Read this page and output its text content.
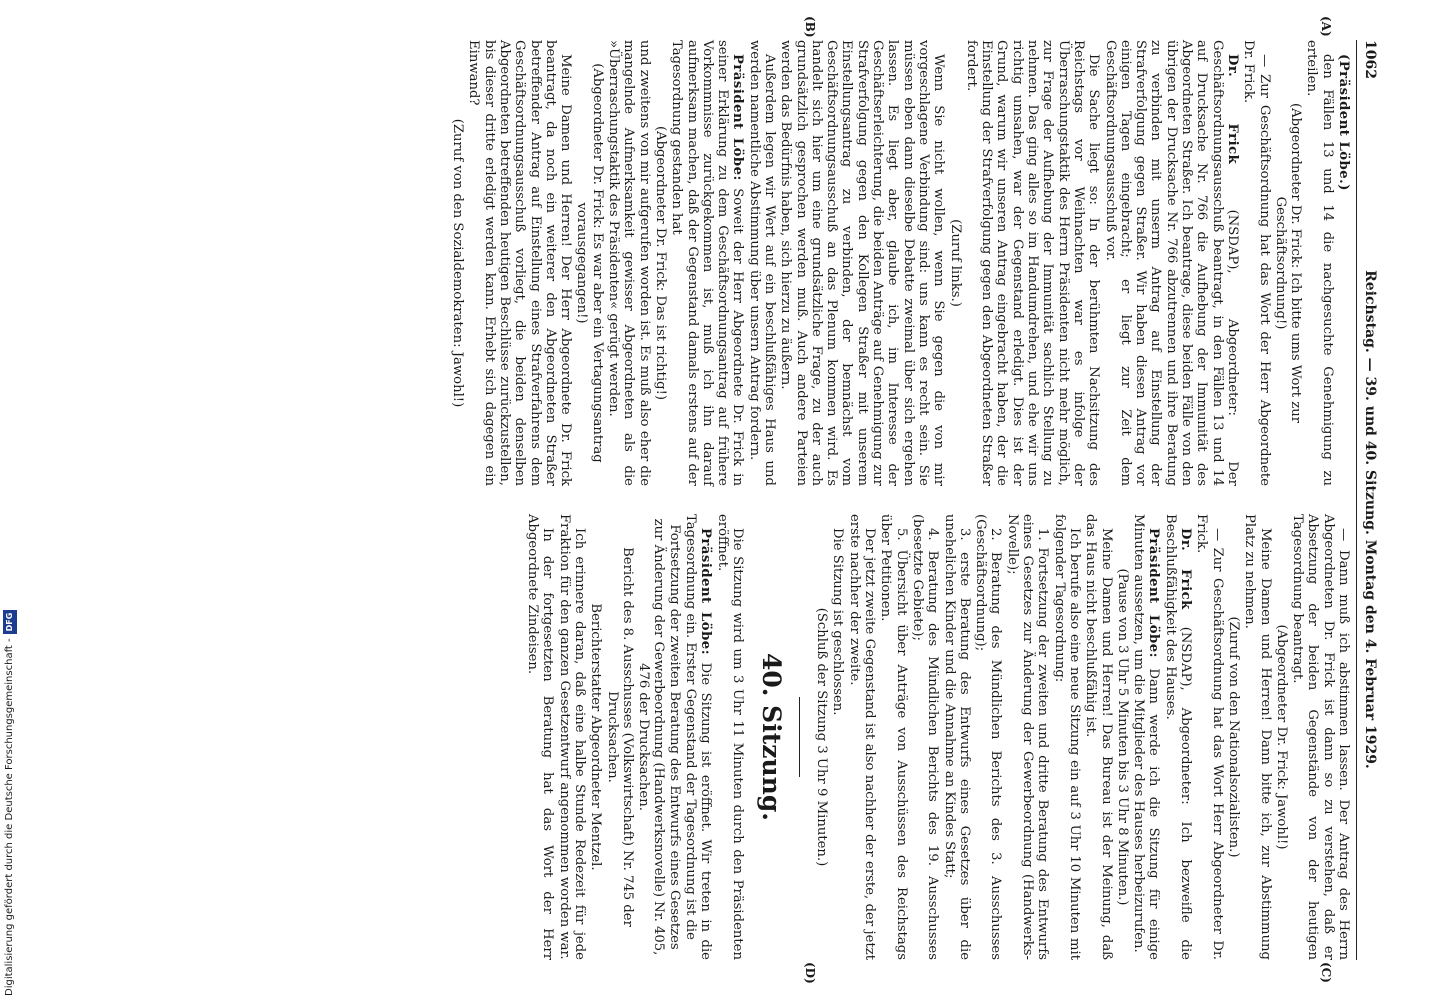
1062
Reichstag. — 39. und 40. Sitzung. Montag den 4. Februar 1929.
(A)
(B)
(C)
(D)

(Präsident Löbe.)

den Fällen 13 und 14 die nachgesuchte Genehmigung zu erteilen.

(Abgeordneter Dr. Frick: Ich bitte ums Wort zur Geschäftsordnung!)

— Zur Geschäftsordnung hat das Wort der Herr Abgeordnete Dr. Frick.

Dr. Frick (NSDAP), Abgeordneter: Der Geschäftsordnungsausschuß beantragt, in den Fällen 13 und 14 auf Drucksache Nr. 766 die Aufhebung der Immunität des Abgeordneten Straßer. Ich beantrage, diese beiden Fälle von den übrigen der Drucksache Nr. 766 abzutrennen und ihre Beratung zu verbinden mit unserm Antrag auf Einstellung der Strafverfolgung gegen Straßer. Wir haben diesen Antrag vor einigen Tagen eingebracht; er liegt zur Zeit dem Geschäftsordnungsausschuß vor.

Die Sache liegt so: In der berühmten Nachsitzung des Reichstags vor Weihnachten war es infolge der Überraschungstaktik des Herrn Präsidenten nicht mehr möglich, zur Frage der Aufhebung der Immunität sachlich Stellung zu nehmen. Das ging alles so im Handumdrehen, und ehe wir uns richtig umsahen, war der Gegenstand erledigt. Dies ist der Grund, warum wir unseren Antrag eingebracht haben, der die Einstellung der Strafverfolgung gegen den Abgeordneten Straßer fordert.

(Zuruf links.)

Wenn Sie nicht wollen, wenn Sie gegen die von mir vorgeschlagene Verbindung sind: uns kann es recht sein. Sie müssen eben dann dieselbe Debatte zweimal über sich ergehen lassen. Es liegt aber, glaube ich, im Interesse der Geschäftserleichterung, die beiden Anträge auf Genehmigung zur Strafverfolgung gegen den Kollegen Straßer mit unserem Einstellungsantrag zu verbinden, der bemnächst vom Geschäftsordnungsausschuß an das Plenum kommen wird. Es handelt sich hier um eine grundsätzliche Frage, zu der auch grundsätzlich gesprochen werden muß. Auch andere Parteien werden das Bedürfnis haben, sich hierzu zu äußern.

Außerdem legen wir Wert auf ein beschlußfähiges Haus und werden namentliche Abstimmung über unsern Antrag fordern.

Präsident Löbe: Soweit der Herr Abgeordnete Dr. Frick in seiner Erklärung zu dem Geschäftsordnungsantrag auf frühere Vorkommnisse zurückgekommen ist, muß ich ihn darauf aufmerksam machen, daß der Gegenstand damals erstens auf der Tagesordnung gestanden hat

(Abgeordneter Dr. Frick: Das ist richtig!)

und zweitens von mir aufgerufen worden ist. Es muß also eher die mangelnde Aufmerksamkeit gewisser Abgeordneten als die »Überraschungstaktik des Präsidenten« gerügt werden.

(Abgeordneter Dr. Frick: Es war aber ein Vertagungsantrag vorausgegangen!)

Meine Damen und Herren! Der Herr Abgeordnete Dr. Frick beantragt, da noch ein weiterer den Abgeordneten Straßer betreffender Antrag auf Einstellung eines Strafverfahrens dem Geschäftsordnungsausschuß vorliegt, die beiden denselben Abgeordneten betreffenden heutigen Beschlüsse zurückzustellen, bis dieser dritte erledigt werden kann. Erhebt sich dagegen ein Einwand?

(Zuruf von den Sozialdemokraten: Jawohl!)

— Dann muß ich abstimmen lassen. Der Antrag des Herrn Abgeordneten Dr. Frick ist dann so zu verstehen, daß er Absetzung der beiden Gegenstände von der heutigen Tagesordnung beantragt.

(Abgeordneter Dr. Frick: Jawohl!)

Meine Damen und Herren! Dann bitte ich, zur Abstimmung Platz zu nehmen.

(Zuruf von den Nationalsozialisten.)

— Zur Geschäftsordnung hat das Wort Herr Abgeordneter Dr. Frick.

Dr. Frick (NSDAP), Abgeordneter: Ich bezweifle die Beschlußfähigkeit des Hauses.

Präsident Löbe: Dann werde ich die Sitzung für einige Minuten aussetzen, um die Mitglieder des Hauses herbeizurufen.

(Pause von 3 Uhr 5 Minuten bis 3 Uhr 8 Minuten.)

Meine Damen und Herren! Das Bureau ist der Meinung, daß das Haus nicht beschlußfähig ist.

Ich berufe also eine neue Sitzung ein auf 3 Uhr 10 Minuten mit folgender Tagesordnung:

1. Fortsetzung der zweiten und dritte Beratung des Entwurfs eines Gesetzes zur Änderung der Gewerbeordnung (Handwerks-Novelle);

2. Beratung des Mündlichen Berichts des 3. Ausschusses (Geschäftsordnung);

3. erste Beratung des Entwurfs eines Gesetzes über die unehelichen Kinder und die Annahme an Kindes Statt;

4. Beratung des Mündlichen Berichts des 19. Ausschusses (besetzte Gebiete);

5. Übersicht über Anträge von Ausschüssen des Reichstags über Petitionen.

Der jetzt zweite Gegenstand ist also nachher der erste, der jetzt erste nachher der zweite.

Die Sitzung ist geschlossen.

(Schluß der Sitzung 3 Uhr 9 Minuten.)

40. Sitzung.

Die Sitzung wird um 3 Uhr 11 Minuten durch den Präsidenten eröffnet.

Präsident Löbe: Die Sitzung ist eröffnet. Wir treten in die Tagesordnung ein. Erster Gegenstand der Tagesordnung ist die

Fortsetzung der zweiten Beratung des Entwurfs eines Gesetzes zur Änderung der Gewerbeordnung (Handwerksnovelle) Nr. 405, 476 der Drucksachen.

Bericht des 8. Ausschusses (Volkswirtschaft) Nr. 745 der Drucksachen.

Berichterstatter Abgeordneter Mentzel.

Ich erinnere daran, daß eine halbe Stunde Redezeit für jede Fraktion für den ganzen Gesetzentwurf angenommen worden war.

In der fortgesetzten Beratung hat das Wort der Herr Abgeordnete Zindeisen.

Digitalisierung gefördert durch die Deutsche Forschungsgemeinschaft -
DFG
